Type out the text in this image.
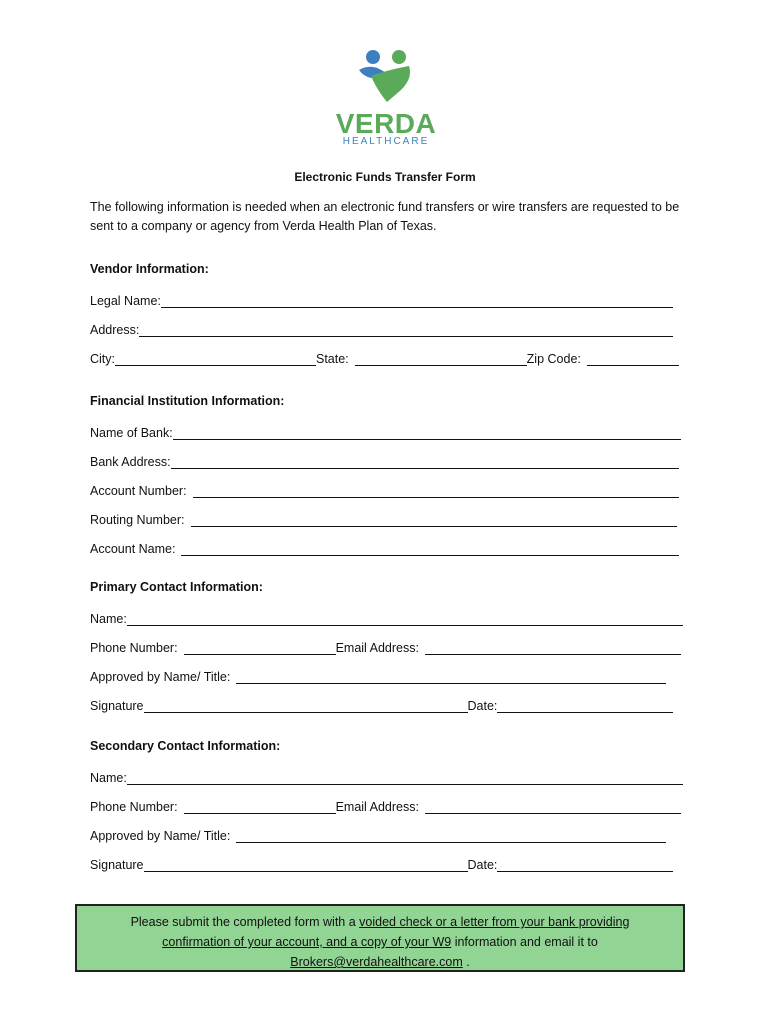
VERDA
HEALTHCARE
Electronic Funds Transfer Form

The following information is needed when an electronic fund transfers or wire transfers are requested to be sent to a company or agency from Verda Health Plan of Texas.

Vendor Information:
Legal Name:
Address:
City:	State:	Zip Code:
Financial Institution Information:
Name of Bank:
Bank Address:
Account Number:
Routing Number:
Account Name:
Primary Contact Information:
Name:
Phone Number:	Email Address:
Approved by Name/ Title:
Signature	Date:
Secondary Contact Information:
Name:
Phone Number:	Email Address:
Approved by Name/ Title:
Signature	Date:
Please submit the completed form with a voided check or a letter from your bank providing
confirmation of your account, and a copy of your W9 information and email it to
Brokers@verdahealthcare.com .
